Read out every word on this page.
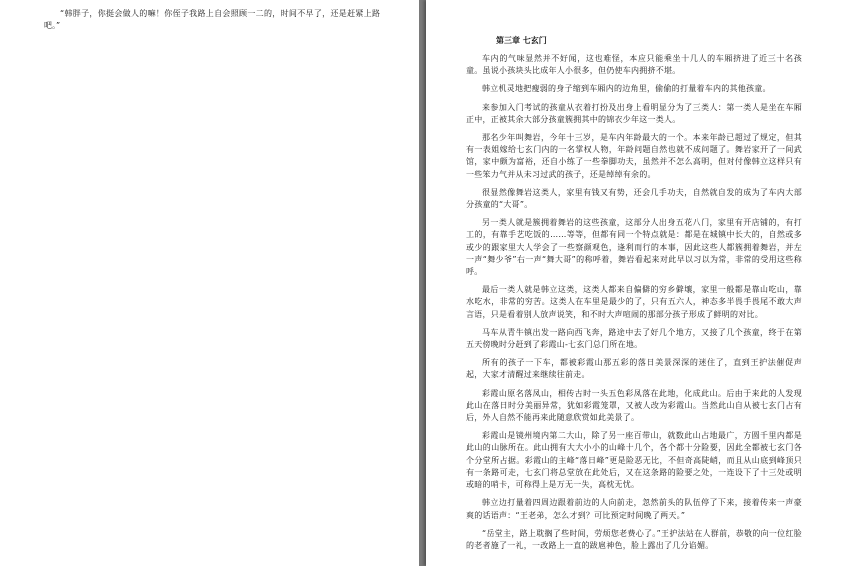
“韩胖子，你挺会做人的嘛！你侄子我路上自会照顾一二的，时间不早了，还是赶紧上路吧。”

第三章 七玄门

车内的气味显然并不好闻，这也难怪，本应只能乘坐十几人的车厢挤进了近三十名孩童。虽说小孩块头比成年人小很多，但仍使车内拥挤不堪。

韩立机灵地把瘦弱的身子缩到车厢内的边角里，偷偷的打量着车内的其他孩童。

来参加入门考试的孩童从衣着打扮及出身上看明显分为了三类人：第一类人是坐在车厢正中，正被其余大部分孩童簇拥其中的锦衣少年这一类人。

那名少年叫舞岩，今年十三岁，是车内年龄最大的一个。本来年龄已超过了规定，但其有一表姐嫁给七玄门内的一名掌权人物，年龄问题自然也就不成问题了。舞岩家开了一间武馆，家中颇为富裕，还自小练了一些拳脚功夫，虽然并不怎么高明，但对付像韩立这样只有一些笨力气并从未习过武的孩子，还是绰绰有余的。

很显然像舞岩这类人，家里有钱又有势，还会几手功夫，自然就自发的成为了车内大部分孩童的“大哥”。

另一类人就是簇拥着舞岩的这些孩童，这部分人出身五花八门，家里有开店铺的，有打工的，有靠手艺吃饭的……等等，但都有同一个特点就是：都是在城镇中长大的，自然或多或少的跟家里大人学会了一些察颜观色，逢利而行的本事，因此这些人都簇拥着舞岩，并左一声“舞少爷”右一声“舞大哥”的称呼着，舞岩看起来对此早以习以为常，非常的受用这些称呼。

最后一类人就是韩立这类，这类人都来自偏僻的穷乡僻壤，家里一般都是靠山吃山，靠水吃水，非常的穷苦。这类人在车里是最少的了，只有五六人，神态多半畏手畏尾不敢大声言语，只是看着别人放声说笑，和不时大声喧闹的那部分孩子形成了鲜明的对比。

马车从青牛镇出发一路向西飞奔，路途中去了好几个地方，又接了几个孩童，终于在第五天傍晚时分赶到了彩霞山-七玄门总门所在地。

所有的孩子一下车，都被彩霞山那五彩的落日美景深深的迷住了，直到王护法催促声起，大家才清醒过来继续往前走。

彩霞山原名落凤山，相传古时一头五色彩凤落在此地，化成此山。后由于来此的人发现此山在落日时分美丽异常，犹如彩霞笼罩，又被人改为彩霞山。当然此山自从被七玄门占有后，外人自然不能再来此随意欣赏如此美景了。

彩霞山是镜州境内第二大山，除了另一座百带山，就数此山占地最广，方圆千里内都是此山的山脉所在。此山拥有大大小小的山峰十几个，各个都十分险要，因此全都被七玄门各个分堂所占据。彩霞山的主峰“落日峰”更是险恶无比，不但奇高陡峭，而且从山底到峰顶只有一条路可走，七玄门将总堂放在此处后，又在这条路的险要之处，一连设下了十三处或明或暗的哨卡，可称得上是万无一失，高枕无忧。

韩立边打量着四周边跟着前边的人向前走，忽然前头的队伍停了下来，接着传来一声豪爽的话语声：“王老弟，怎么才到？可比预定时间晚了两天。”

“岳堂主，路上耽搁了些时间，劳烦您老费心了。”王护法站在人群前，恭敬的向一位红脸的老者施了一礼，一改路上一直的跋扈神色，脸上露出了几分谄媚。
